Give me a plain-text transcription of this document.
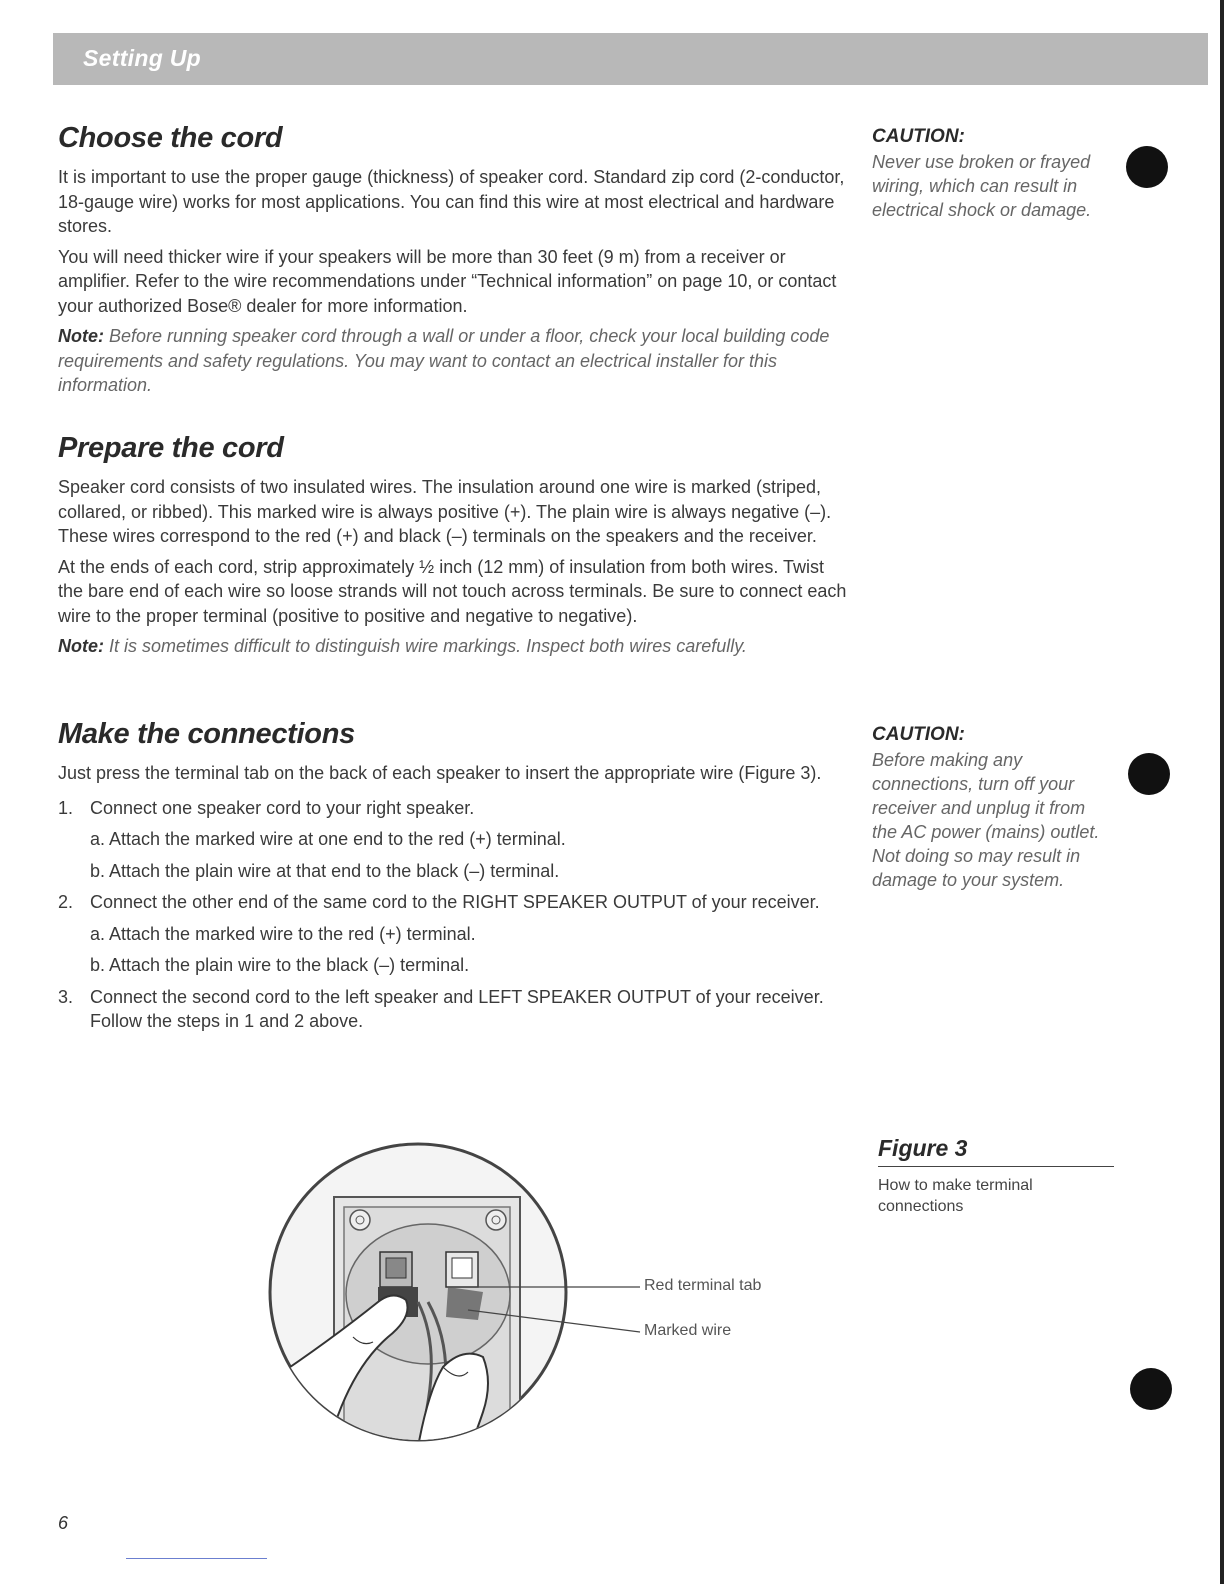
Setting Up
Choose the cord

It is important to use the proper gauge (thickness) of speaker cord. Standard zip cord (2-conductor, 18-gauge wire) works for most applications. You can find this wire at most electrical and hardware stores.

You will need thicker wire if your speakers will be more than 30 feet (9 m) from a receiver or amplifier. Refer to the wire recommendations under “Technical information” on page 10, or contact your authorized Bose® dealer for more information.

Note: Before running speaker cord through a wall or under a floor, check your local building code requirements and safety regulations. You may want to contact an electrical installer for this information.

Prepare the cord

Speaker cord consists of two insulated wires. The insulation around one wire is marked (striped, collared, or ribbed). This marked wire is always positive (+). The plain wire is always negative (–). These wires correspond to the red (+) and black (–) terminals on the speakers and the receiver.

At the ends of each cord, strip approximately ½ inch (12 mm) of insulation from both wires. Twist the bare end of each wire so loose strands will not touch across terminals. Be sure to connect each wire to the proper terminal (positive to positive and negative to negative).

Note: It is sometimes difficult to distinguish wire markings. Inspect both wires carefully.

Make the connections

Just press the terminal tab on the back of each speaker to insert the appropriate wire (Figure 3).

1. Connect one speaker cord to your right speaker.
a. Attach the marked wire at one end to the red (+) terminal.
b. Attach the plain wire at that end to the black (–) terminal.
2. Connect the other end of the same cord to the RIGHT SPEAKER OUTPUT of your receiver.
a. Attach the marked wire to the red (+) terminal.
b. Attach the plain wire to the black (–) terminal.
3. Connect the second cord to the left speaker and LEFT SPEAKER OUTPUT of your receiver. Follow the steps in 1 and 2 above.
CAUTION:
Never use broken or frayed wiring, which can result in electrical shock or damage.
CAUTION:
Before making any connections, turn off your receiver and unplug it from the AC power (mains) outlet. Not doing so may result in damage to your system.
Figure 3
How to make terminal connections
Red terminal tab
Marked wire
6
